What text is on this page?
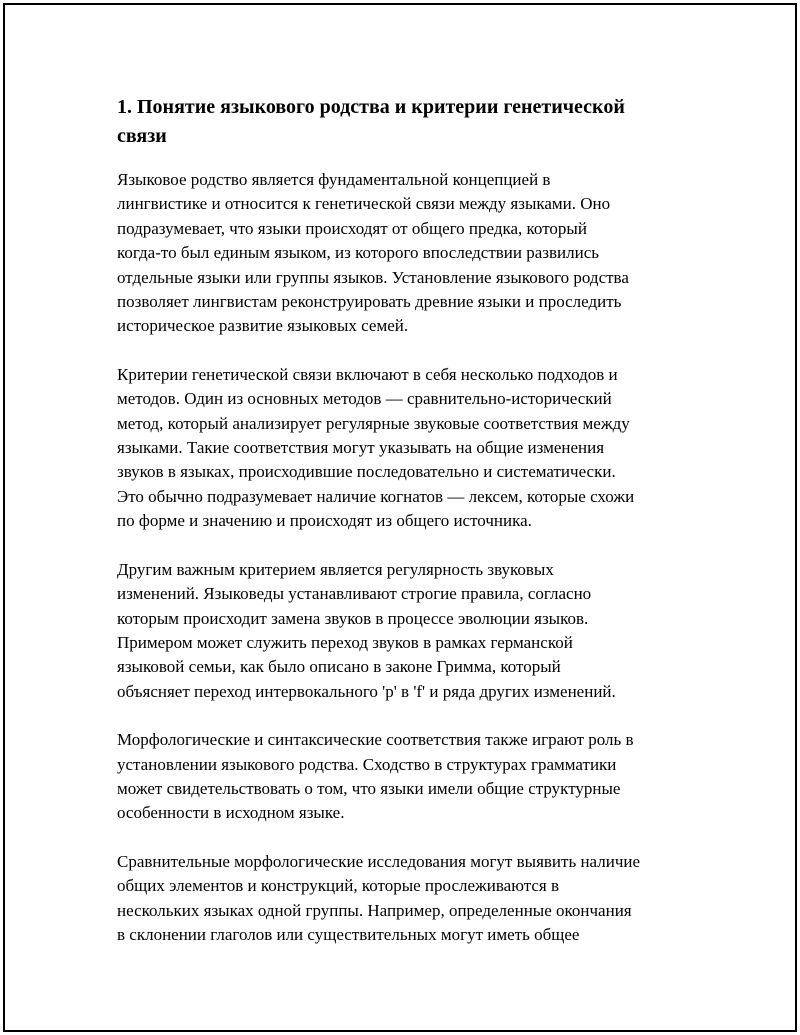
1. Понятие языкового родства и критерии генетической
связи

Языковое родство является фундаментальной концепцией в
лингвистике и относится к генетической связи между языками. Оно
подразумевает, что языки происходят от общего предка, который
когда-то был единым языком, из которого впоследствии развились
отдельные языки или группы языков. Установление языкового родства
позволяет лингвистам реконструировать древние языки и проследить
историческое развитие языковых семей.

Критерии генетической связи включают в себя несколько подходов и
методов. Один из основных методов — сравнительно-исторический
метод, который анализирует регулярные звуковые соответствия между
языками. Такие соответствия могут указывать на общие изменения
звуков в языках, происходившие последовательно и систематически.
Это обычно подразумевает наличие когнатов — лексем, которые схожи
по форме и значению и происходят из общего источника.

Другим важным критерием является регулярность звуковых
изменений. Языковеды устанавливают строгие правила, согласно
которым происходит замена звуков в процессе эволюции языков.
Примером может служить переход звуков в рамках германской
языковой семьи, как было описано в законе Гримма, который
объясняет переход интервокального 'p' в 'f' и ряда других изменений.

Морфологические и синтаксические соответствия также играют роль в
установлении языкового родства. Сходство в структурах грамматики
может свидетельствовать о том, что языки имели общие структурные
особенности в исходном языке.

Сравнительные морфологические исследования могут выявить наличие
общих элементов и конструкций, которые прослеживаются в
нескольких языках одной группы. Например, определенные окончания
в склонении глаголов или существительных могут иметь общее
